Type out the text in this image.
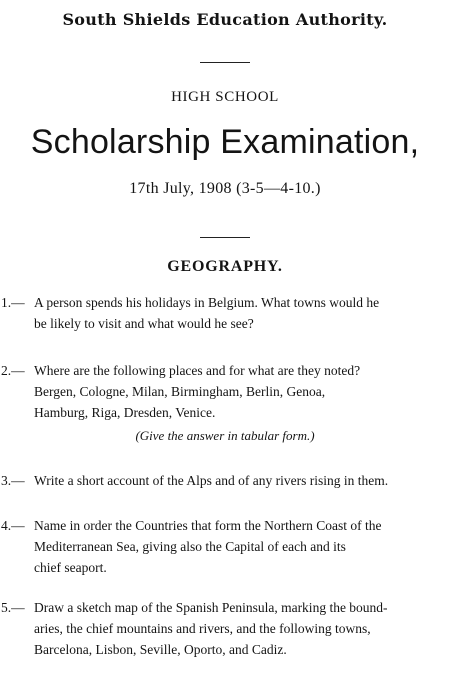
South Shields Education Authority.
HIGH SCHOOL
Scholarship Examination,
17th July, 1908 (3-5—4-10.)
GEOGRAPHY.
1.— A person spends his holidays in Belgium. What towns would he
be likely to visit and what would he see?
2.— Where are the following places and for what are they noted?
Bergen, Cologne, Milan, Birmingham, Berlin, Genoa,
Hamburg, Riga, Dresden, Venice.
(Give the answer in tabular form.)
3.— Write a short account of the Alps and of any rivers rising in them.
4.— Name in order the Countries that form the Northern Coast of the
Mediterranean Sea, giving also the Capital of each and its
chief seaport.
5.— Draw a sketch map of the Spanish Peninsula, marking the bound-
aries, the chief mountains and rivers, and the following towns,
Barcelona, Lisbon, Seville, Oporto, and Cadiz.
